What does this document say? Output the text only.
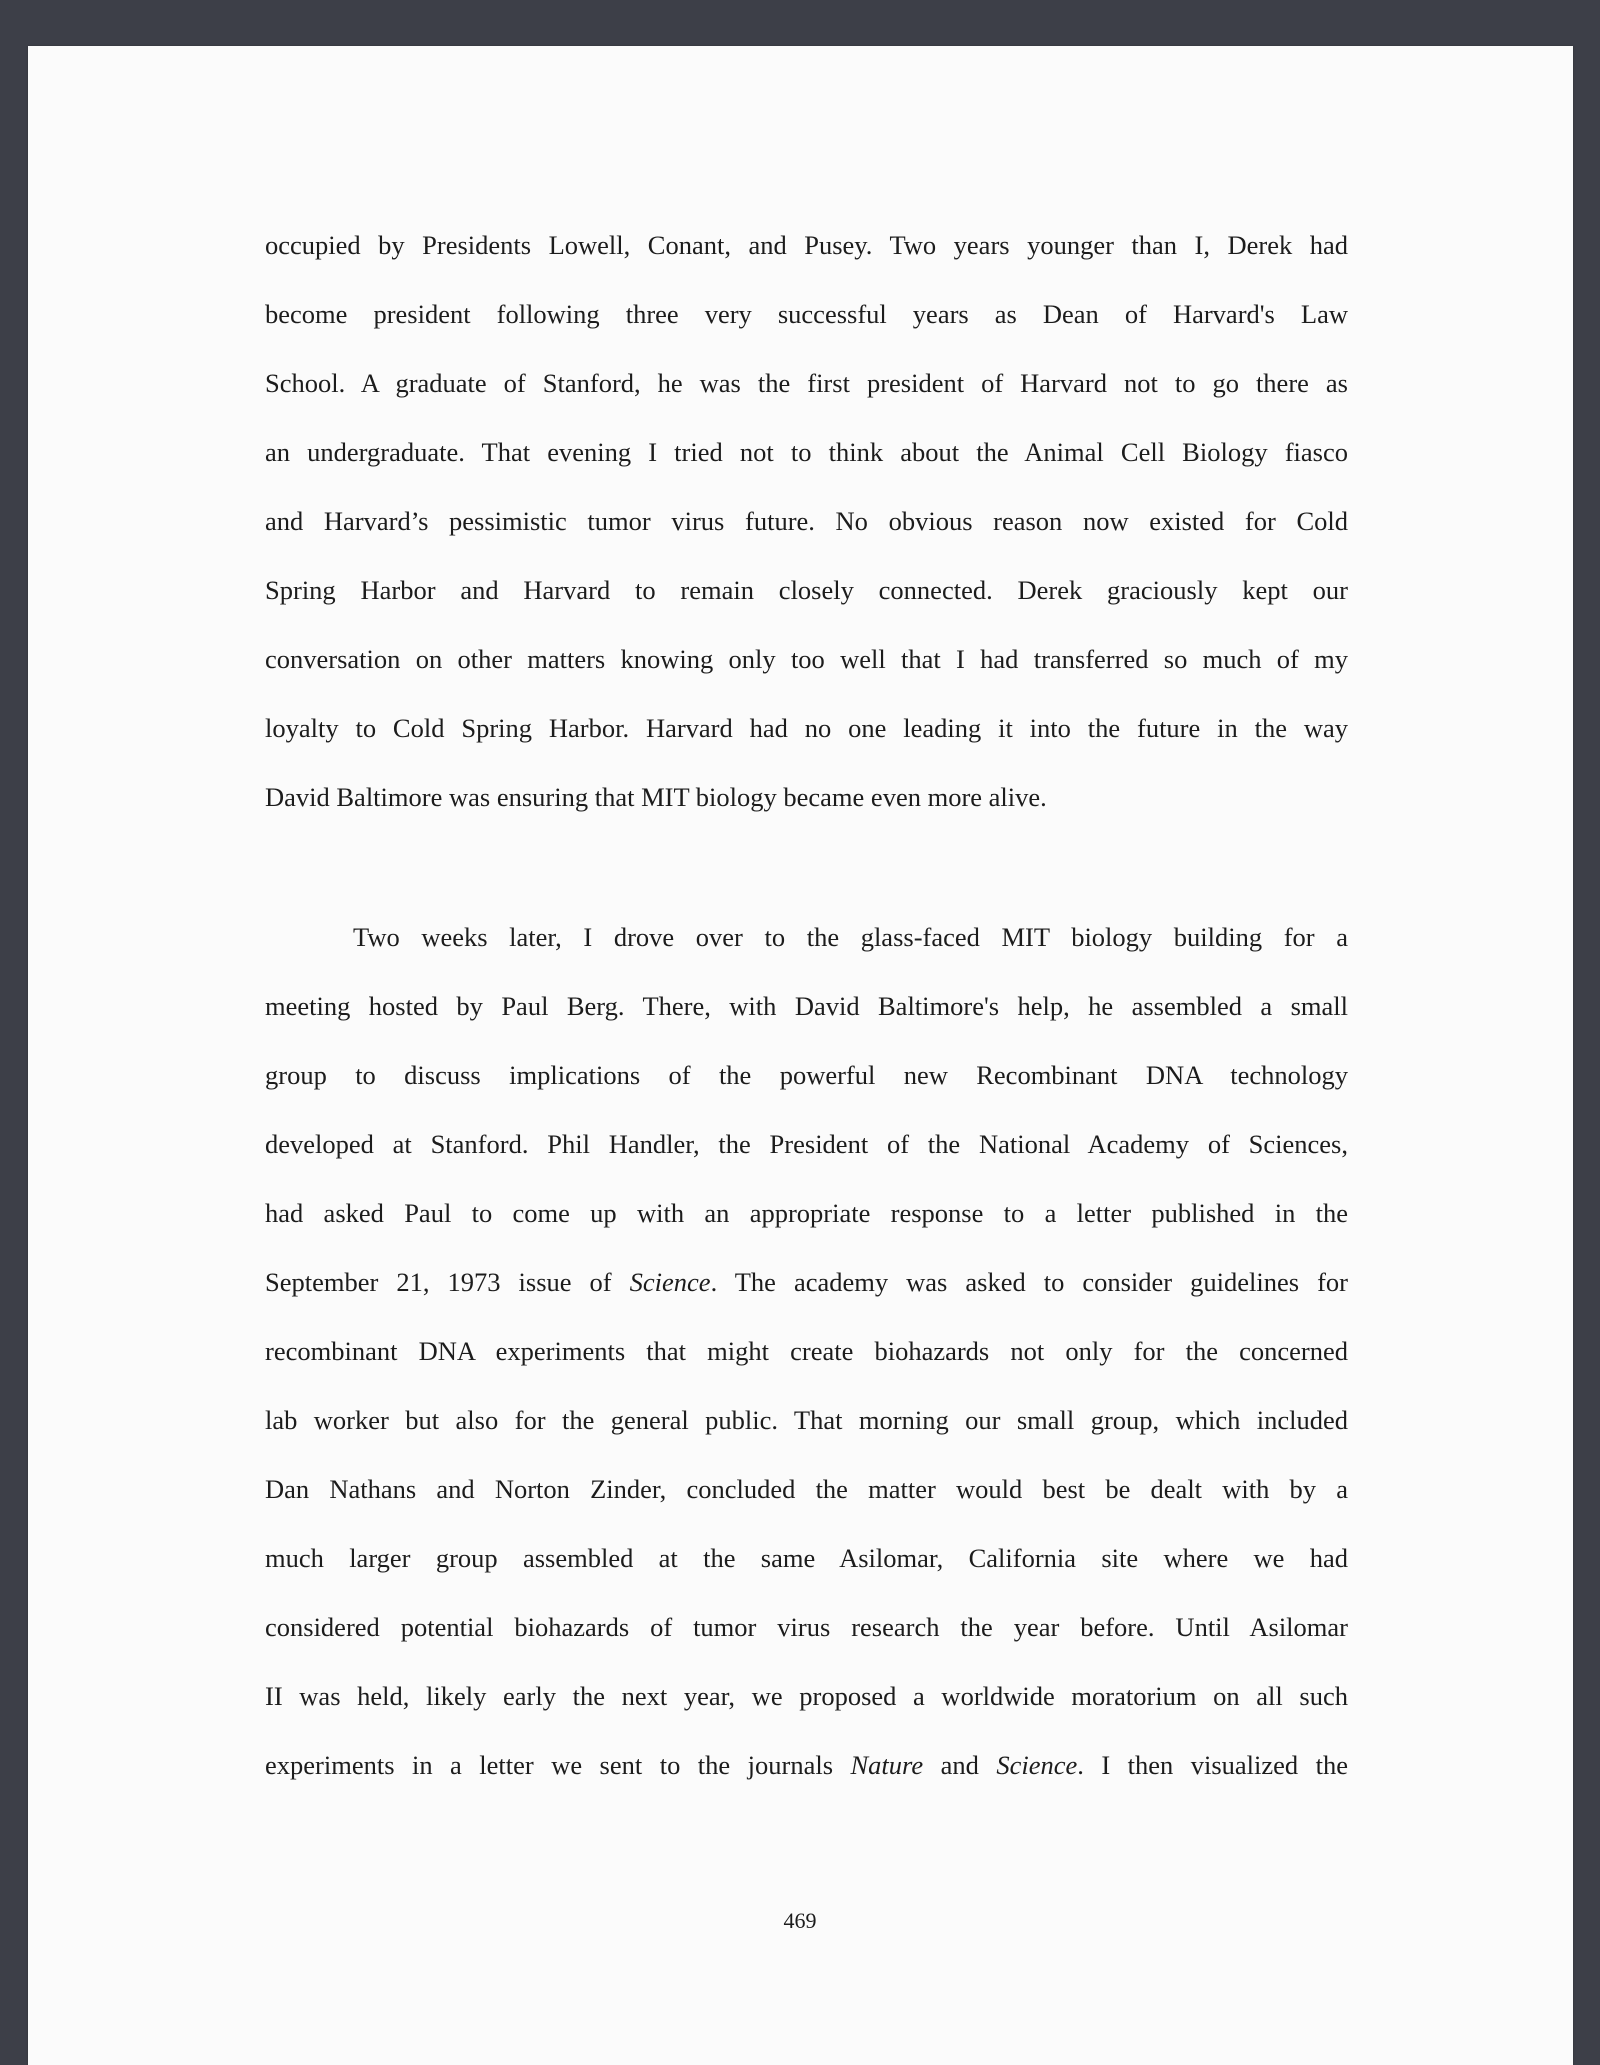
occupied by Presidents Lowell, Conant, and Pusey. Two years younger than I, Derek had
become president following three very successful years as Dean of Harvard's Law
School. A graduate of Stanford, he was the first president of Harvard not to go there as
an undergraduate. That evening I tried not to think about the Animal Cell Biology fiasco
and Harvard’s pessimistic tumor virus future. No obvious reason now existed for Cold
Spring Harbor and Harvard to remain closely connected. Derek graciously kept our
conversation on other matters knowing only too well that I had transferred so much of my
loyalty to Cold Spring Harbor. Harvard had no one leading it into the future in the way
David Baltimore was ensuring that MIT biology became even more alive.
Two weeks later, I drove over to the glass-faced MIT biology building for a
meeting hosted by Paul Berg. There, with David Baltimore's help, he assembled a small
group to discuss implications of the powerful new Recombinant DNA technology
developed at Stanford. Phil Handler, the President of the National Academy of Sciences,
had asked Paul to come up with an appropriate response to a letter published in the
September 21, 1973 issue of Science. The academy was asked to consider guidelines for
recombinant DNA experiments that might create biohazards not only for the concerned
lab worker but also for the general public. That morning our small group, which included
Dan Nathans and Norton Zinder, concluded the matter would best be dealt with by a
much larger group assembled at the same Asilomar, California site where we had
considered potential biohazards of tumor virus research the year before. Until Asilomar
II was held, likely early the next year, we proposed a worldwide moratorium on all such
experiments in a letter we sent to the journals Nature and Science. I then visualized the
469
